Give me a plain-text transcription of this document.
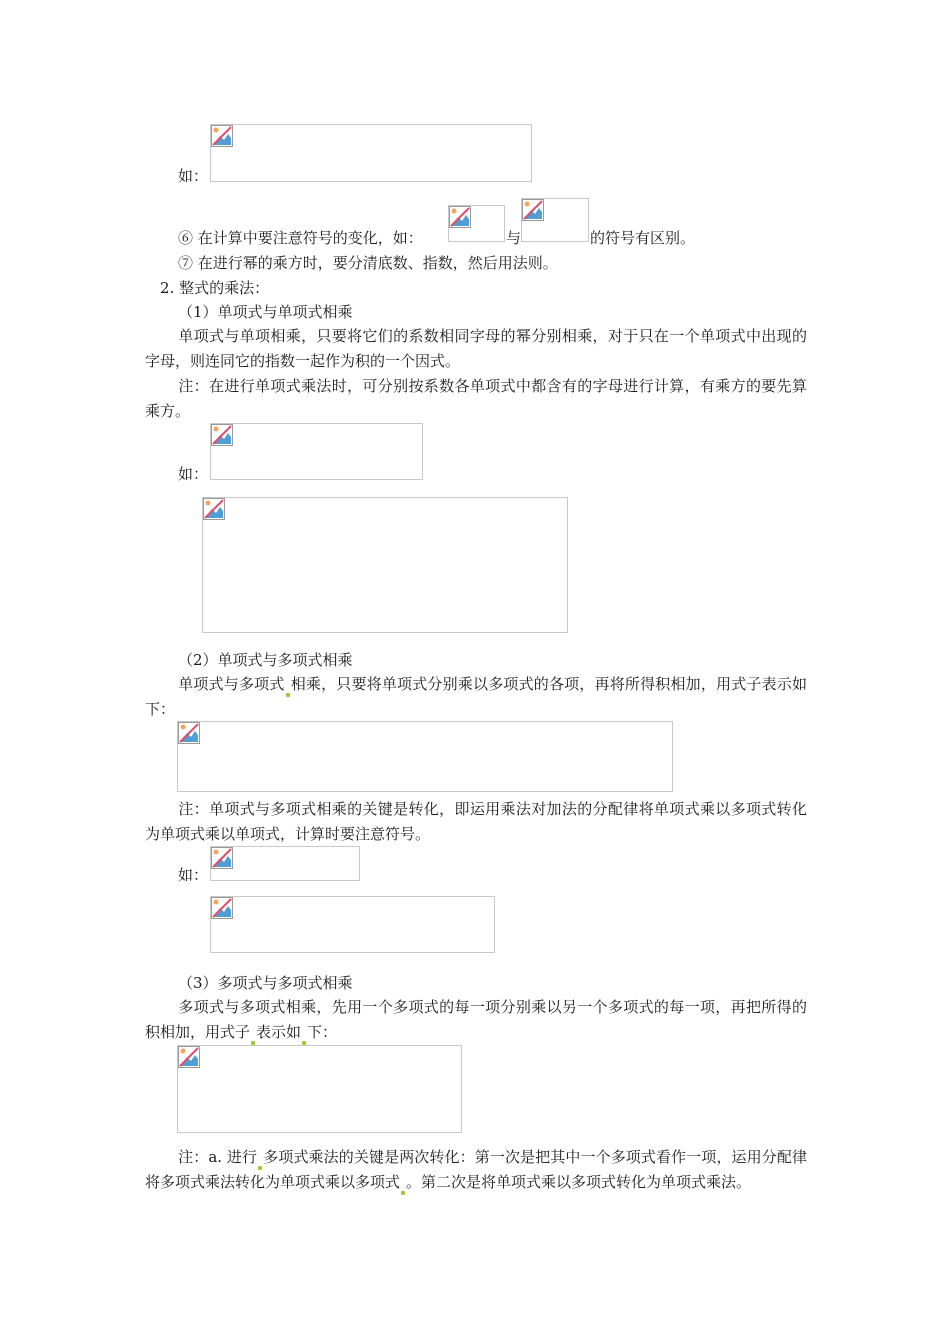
如：
⑥ 在计算中要注意符号的变化，如：	与	的符号有区别。
⑦ 在进行幂的乘方时，要分清底数、指数，然后用法则。
2. 整式的乘法：
（1）单项式与单项式相乘
单项式与单项相乘，只要将它们的系数相同字母的幂分别相乘，对于只在一个单项式中出现的字母，则连同它的指数一起作为积的一个因式。
注：在进行单项式乘法时，可分别按系数各单项式中都含有的字母进行计算，有乘方的要先算乘方。
如：
（2）单项式与多项式相乘
单项式与多项式 相乘，只要将单项式分别乘以多项式的各项，再将所得积相加，用式子表示如下：
注：单项式与多项式相乘的关键是转化，即运用乘法对加法的分配律将单项式乘以多项式转化为单项式乘以单项式，计算时要注意符号。
如：
（3）多项式与多项式相乘
多项式与多项式相乘，先用一个多项式的每一项分别乘以另一个多项式的每一项，再把所得的积相加，用式子 表示如 下：
注：a. 进行 多项式乘法的关键是两次转化：第一次是把其中一个多项式看作一项，运用分配律将多项式乘法转化为单项式乘以多项式 。第二次是将单项式乘以多项式转化为单项式乘法。
